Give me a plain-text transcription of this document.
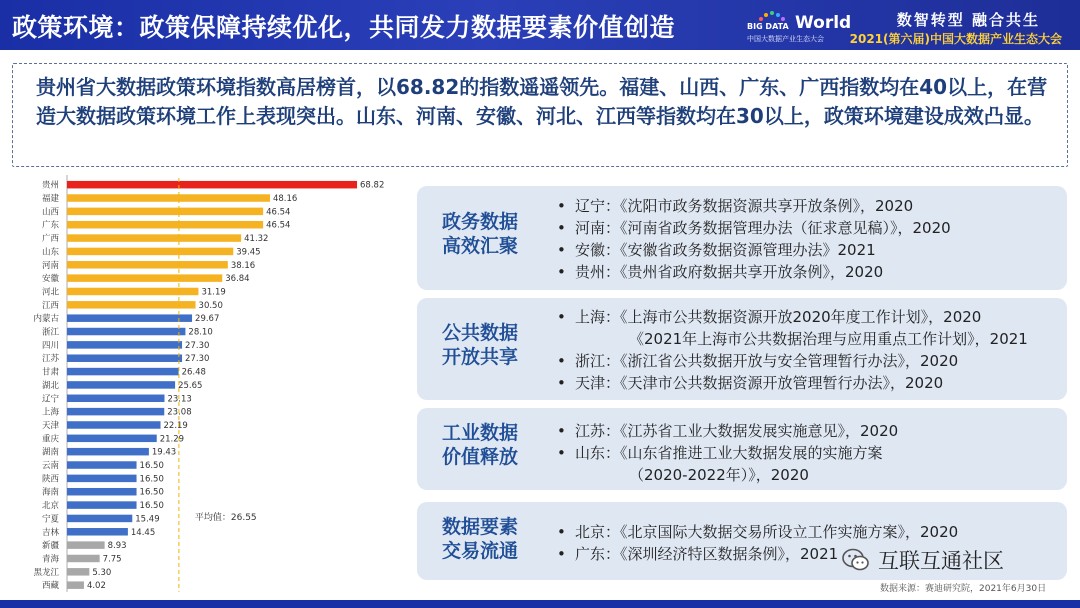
政策环境：政策保障持续优化，共同发力数据要素价值创造	BIG DATA World
中国大数据产业生态大会
数智转型 融合共生
2021(第六届)中国大数据产业生态大会
贵州省大数据政策环境指数高居榜首，以68.82的指数遥遥领先。福建、山西、广东、广西指数均在40以上，在营造大数据政策环境工作上表现突出。山东、河南、安徽、河北、江西等指数均在30以上，政策环境建设成效凸显。
贵州	68.82
福建	48.16
山西	46.54
广东	46.54
广西	41.32
山东	39.45
河南	38.16
安徽	36.84
河北	31.19
江西	30.50
内蒙古	29.67
浙江	28.10
四川	27.30
江苏	27.30
甘肃	26.48
湖北	25.65
辽宁	23.13
上海	23.08
天津	22.19
重庆	21.29
湖南	19.43
云南	16.50
陕西	16.50
海南	16.50
北京	16.50
宁夏	15.49
吉林	14.45
新疆	8.93
青海	7.75
黑龙江	5.30
西藏	4.02
平均值：26.55
政务数据
高效汇聚
• 辽宁：《沈阳市政务数据资源共享开放条例》，2020
• 河南：《河南省政务数据管理办法（征求意见稿）》，2020
• 安徽：《安徽省政务数据资源管理办法》2021
• 贵州：《贵州省政府数据共享开放条例》，2020
公共数据
开放共享
• 上海：《上海市公共数据资源开放2020年度工作计划》，2020
《2021年上海市公共数据治理与应用重点工作计划》，2021
• 浙江：《浙江省公共数据开放与安全管理暂行办法》，2020
• 天津：《天津市公共数据资源开放管理暂行办法》，2020
工业数据
价值释放
• 江苏：《江苏省工业大数据发展实施意见》，2020
• 山东：《山东省推进工业大数据发展的实施方案
（2020-2022年）》，2020
数据要素
交易流通
• 北京：《北京国际大数据交易所设立工作实施方案》，2020
• 广东：《深圳经济特区数据条例》，2021
数据来源：赛迪研究院，2021年6月30日
互联互通社区
